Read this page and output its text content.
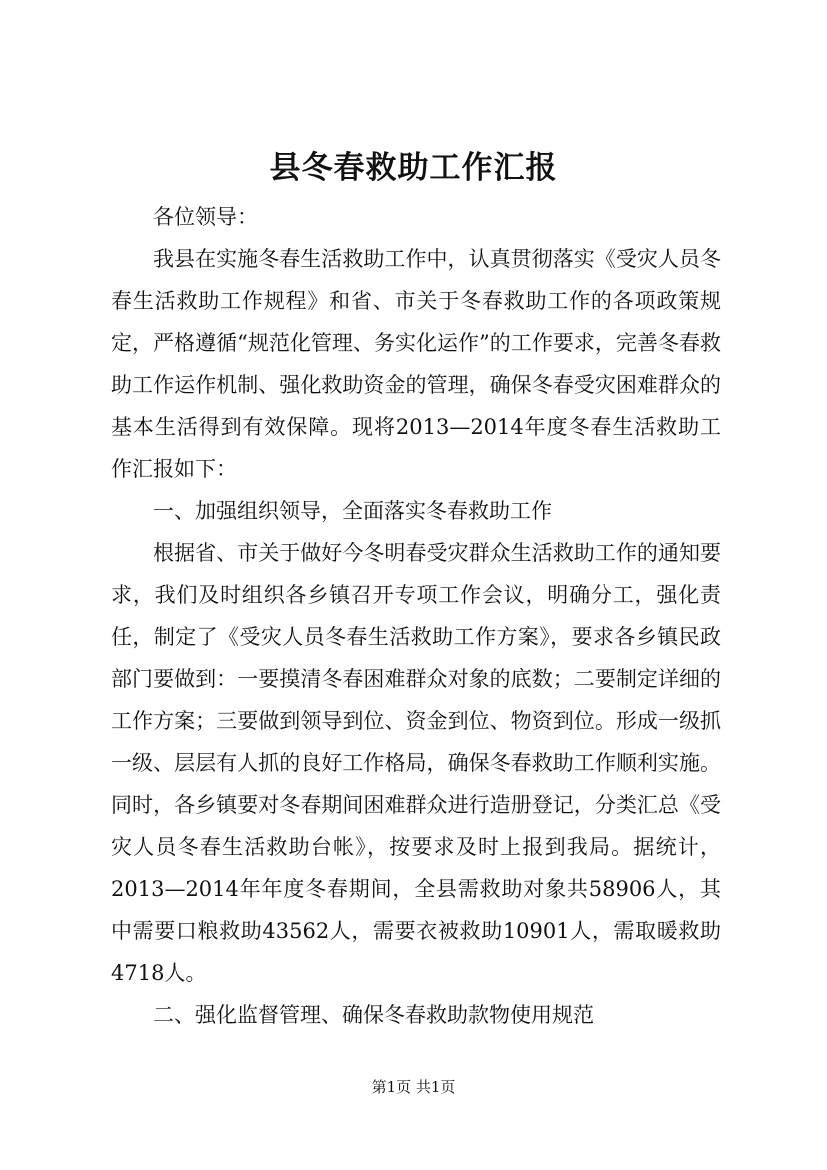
县冬春救助工作汇报

各位领导：

我县在实施冬春生活救助工作中，认真贯彻落实《受灾人员冬春生活救助工作规程》和省、市关于冬春救助工作的各项政策规定，严格遵循“规范化管理、务实化运作”的工作要求，完善冬春救助工作运作机制、强化救助资金的管理，确保冬春受灾困难群众的基本生活得到有效保障。现将2013—2014年度冬春生活救助工作汇报如下：

一、加强组织领导，全面落实冬春救助工作

根据省、市关于做好今冬明春受灾群众生活救助工作的通知要求，我们及时组织各乡镇召开专项工作会议，明确分工，强化责任，制定了《受灾人员冬春生活救助工作方案》，要求各乡镇民政部门要做到：一要摸清冬春困难群众对象的底数；二要制定详细的工作方案；三要做到领导到位、资金到位、物资到位。形成一级抓一级、层层有人抓的良好工作格局，确保冬春救助工作顺利实施。同时，各乡镇要对冬春期间困难群众进行造册登记，分类汇总《受灾人员冬春生活救助台帐》，按要求及时上报到我局。据统计，2013—2014年年度冬春期间，全县需救助对象共58906人，其中需要口粮救助43562人，需要衣被救助10901人，需取暖救助4718人。

二、强化监督管理、确保冬春救助款物使用规范

第1页 共1页
